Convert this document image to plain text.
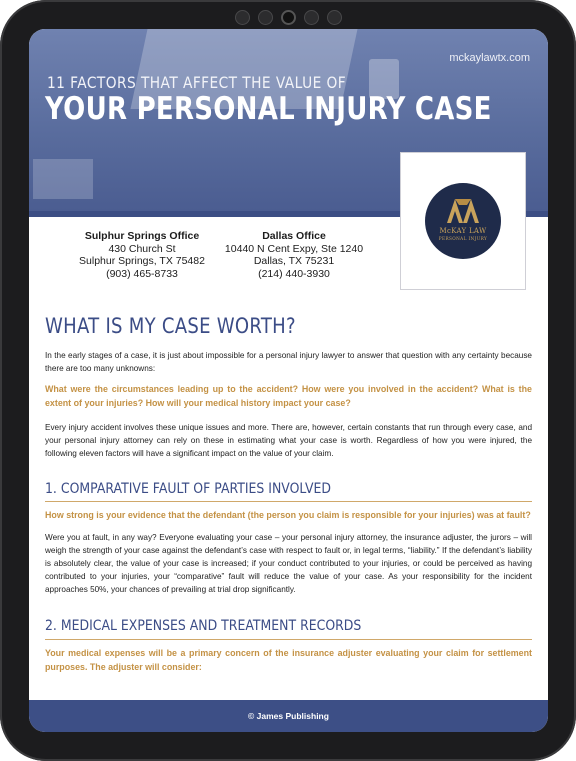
mckaylawtx.com
11 FACTORS THAT AFFECT THE VALUE OF
YOUR PERSONAL INJURY CASE
Sulphur Springs Office
430 Church St
Sulphur Springs, TX 75482
(903) 465-8733
Dallas Office
10440 N Cent Expy, Ste 1240
Dallas, TX 75231
(214) 440-3930
McKAY LAW
PERSONAL INJURY
WHAT IS MY CASE WORTH?
In the early stages of a case, it is just about impossible for a personal injury lawyer to answer that question with any certainty because there are too many unknowns:
What were the circumstances leading up to the accident? How were you involved in the accident? What is the extent of your injuries? How will your medical history impact your case?
Every injury accident involves these unique issues and more. There are, however, certain constants that run through every case, and your personal injury attorney can rely on these in estimating what your case is worth. Regardless of how you were injured, the following eleven factors will have a significant impact on the value of your claim.
1. COMPARATIVE FAULT OF PARTIES INVOLVED
How strong is your evidence that the defendant (the person you claim is responsible for your injuries) was at fault?
Were you at fault, in any way? Everyone evaluating your case – your personal injury attorney, the insurance adjuster, the jurors – will weigh the strength of your case against the defendant’s case with respect to fault or, in legal terms, “liability.” If the defendant’s liability is absolutely clear, the value of your case is increased; if your conduct contributed to your injuries, or could be perceived as having contributed to your injuries, your “comparative” fault will reduce the value of your case. As your responsibility for the incident approaches 50%, your chances of prevailing at trial drop significantly.
2. MEDICAL EXPENSES AND TREATMENT RECORDS
Your medical expenses will be a primary concern of the insurance adjuster evaluating your claim for settlement purposes. The adjuster will consider:
© James Publishing
